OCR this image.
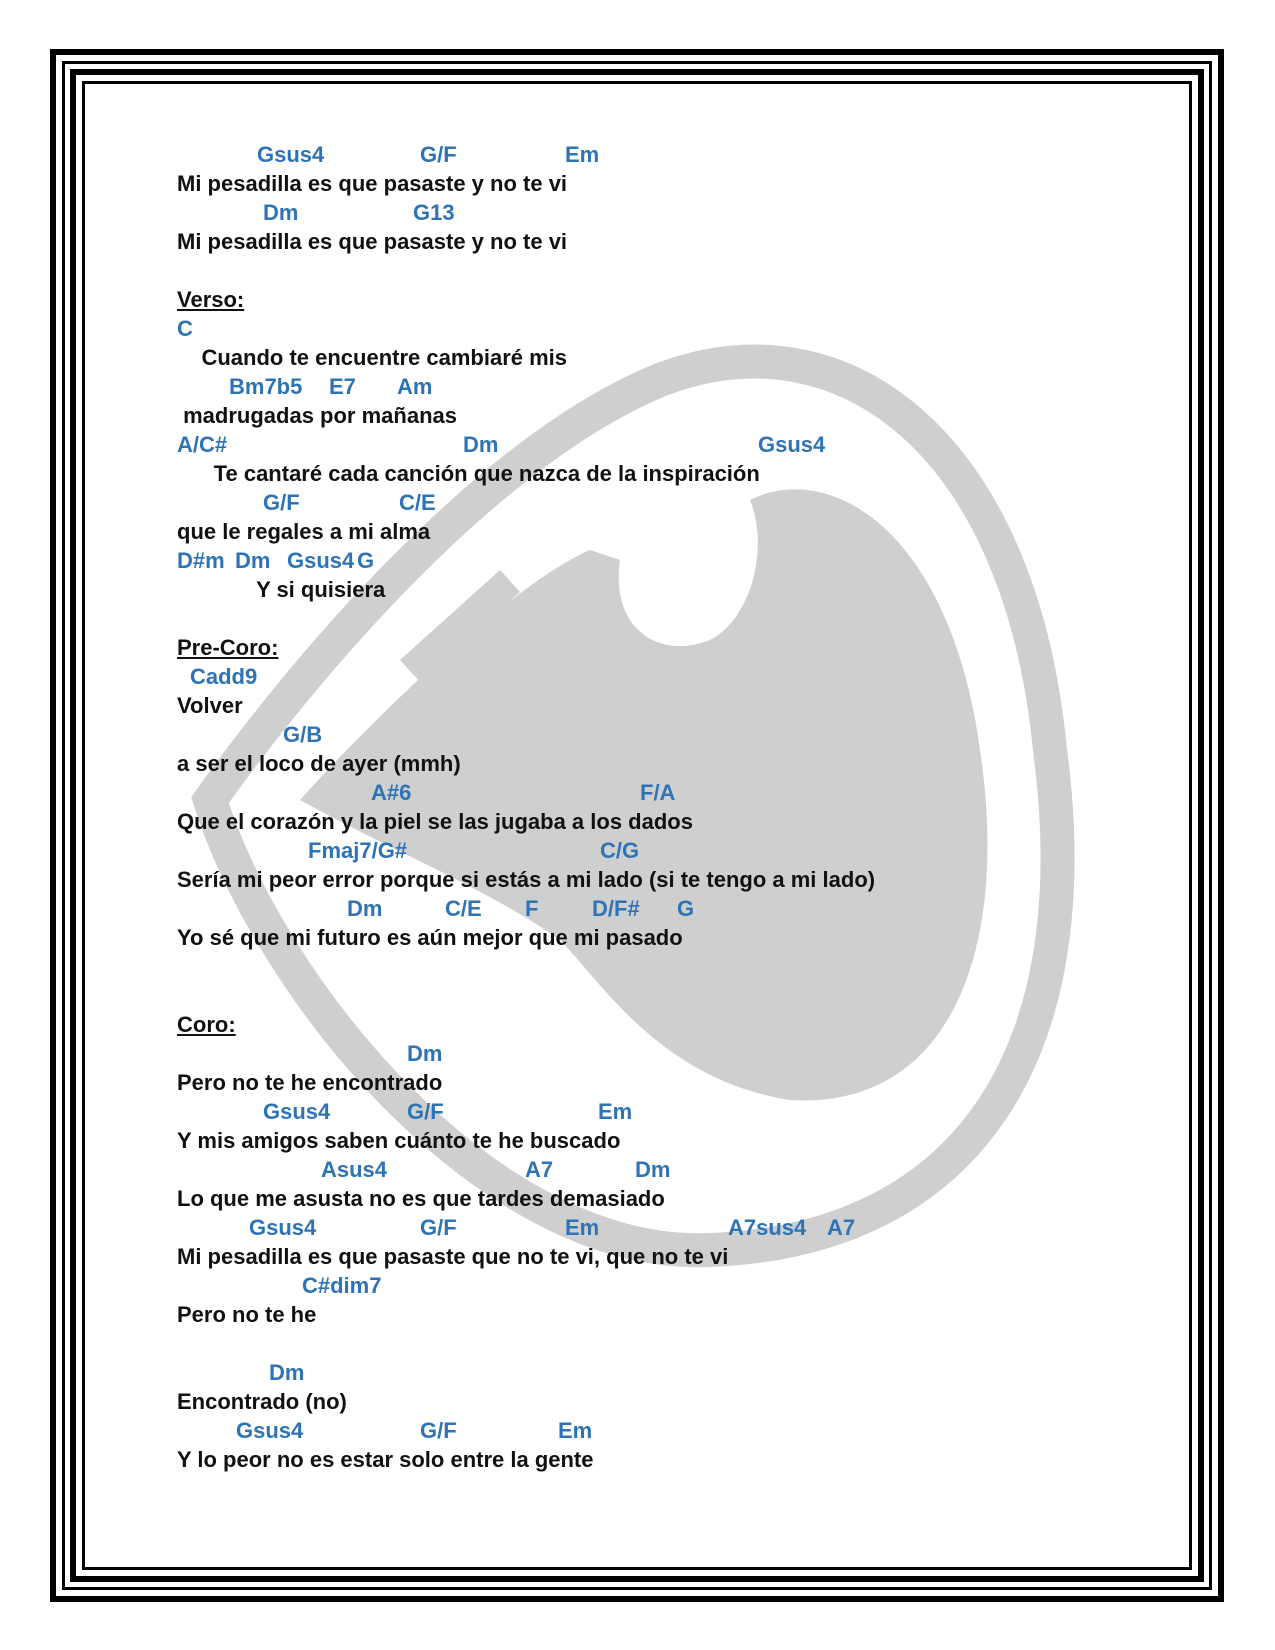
Gsus4

	G/F

	Em

Mi pesadilla es que pasaste y no te vi

Dm

	G13

Mi pesadilla es que pasaste y no te vi
Verso:

C

Cuando te encuentre cambiaré mis

Bm7b5

E7

Am

madrugadas por mañanas

A/C#

	Dm

	Gsus4

Te cantaré cada canción que nazca de la inspiración

G/F

	C/E

que le regales a mi alma

D#m

Dm

Gsus4

G

Y si quisiera
Pre-Coro:

Cadd9

Volver

G/B

a ser el loco de ayer (mmh)

A#6

	F/A

Que el corazón y la piel se las jugaba a los dados

Fmaj7/G#

	C/G

Sería mi peor error porque si estás a mi lado (si te tengo a mi lado)

Dm

	C/E

F

D/F#

G

Yo sé que mi futuro es aún mejor que mi pasado
Coro:

Dm

Pero no te he encontrado

Gsus4

	G/F

	Em

Y mis amigos saben cuánto te he buscado

Asus4

	A7

	Dm

Lo que me asusta no es que tardes demasiado

Gsus4

	G/F

	Em

	A7sus4

A7

Mi pesadilla es que pasaste que no te vi, que no te vi

C#dim7

Pero no te he

Dm

Encontrado (no)

Gsus4

	G/F

	Em

Y lo peor no es estar solo entre la gente
